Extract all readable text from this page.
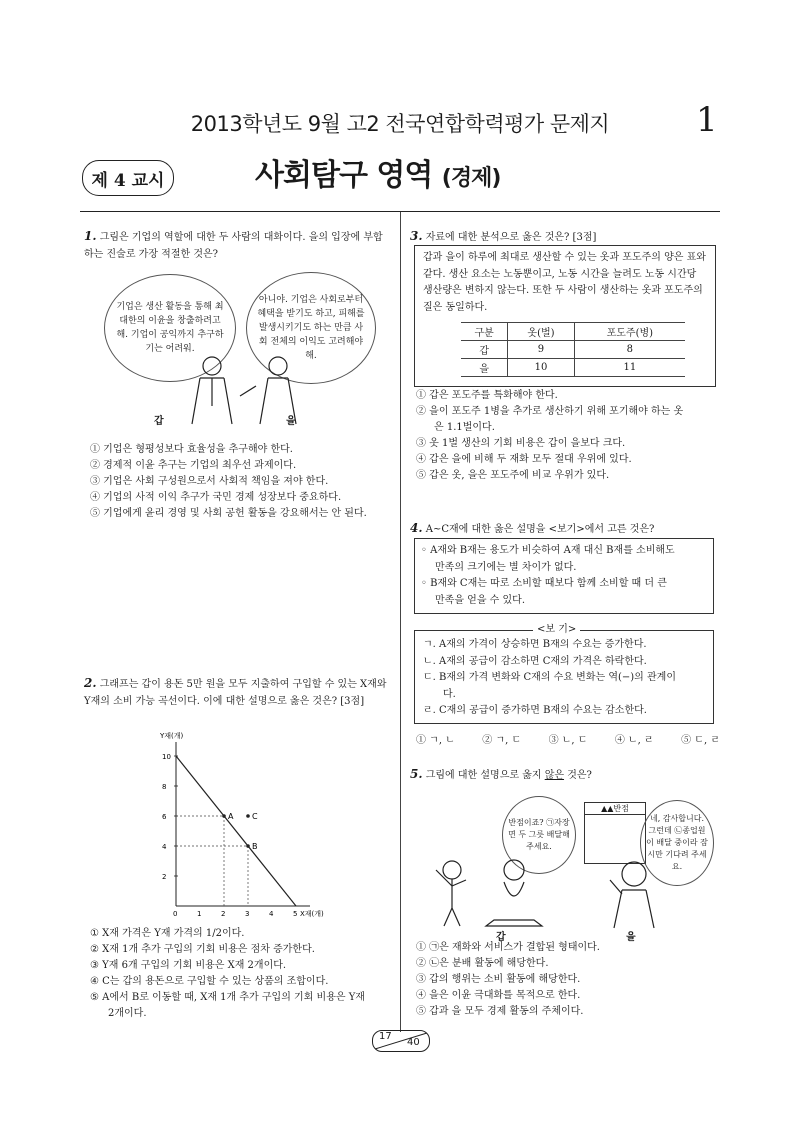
2013학년도 9월 고2 전국연합학력평가 문제지	1
제 4 교시	사회탐구 영역 (경제)
1. 그림은 기업의 역할에 대한 두 사람의 대화이다. 을의 입장에 부합하는 진술로 가장 적절한 것은?
기업은 생산 활동을 통해 최대한의 이윤을 창출하려고 해. 기업이 공익까지 추구하기는 어려워.
아니야. 기업은 사회로부터 혜택을 받기도 하고, 피해를 발생시키기도 하는 만큼 사회 전체의 이익도 고려해야 해.
갑	을
① 기업은 형평성보다 효율성을 추구해야 한다.
② 경제적 이윤 추구는 기업의 최우선 과제이다.
③ 기업은 사회 구성원으로서 사회적 책임을 져야 한다.
④ 기업의 사적 이익 추구가 국민 경제 성장보다 중요하다.
⑤ 기업에게 윤리 경영 및 사회 공헌 활동을 강요해서는 안 된다.
2. 그래프는 갑이 용돈 5만 원을 모두 지출하여 구입할 수 있는 X재와 Y재의 소비 가능 곡선이다. 이에 대한 설명으로 옳은 것은? [3점]
Y재(개)
X재(개)
0	1	2	3	4	5
2
4
6
8
10
A
B
C
① X재 가격은 Y재 가격의 1/2이다.
② X재 1개 추가 구입의 기회 비용은 점차 증가한다.
③ Y재 6개 구입의 기회 비용은 X재 2개이다.
④ C는 갑의 용돈으로 구입할 수 있는 상품의 조합이다.
⑤ A에서 B로 이동할 때, X재 1개 추가 구입의 기회 비용은 Y재
2개이다.
3. 자료에 대한 분석으로 옳은 것은? [3점]
갑과 을이 하루에 최대로 생산할 수 있는 옷과 포도주의 양은 표와 같다. 생산 요소는 노동뿐이고, 노동 시간을 늘려도 노동 시간당 생산량은 변하지 않는다. 또한 두 사람이 생산하는 옷과 포도주의 질은 동일하다.
구분	옷(벌)	포도주(병)
갑	9	8
을	10	11
① 갑은 포도주를 특화해야 한다.
② 을이 포도주 1병을 추가로 생산하기 위해 포기해야 하는 옷
은 1.1벌이다.
③ 옷 1벌 생산의 기회 비용은 갑이 을보다 크다.
④ 갑은 을에 비해 두 재화 모두 절대 우위에 있다.
⑤ 갑은 옷, 을은 포도주에 비교 우위가 있다.
4. A~C재에 대한 옳은 설명을 <보기>에서 고른 것은?
◦ A재와 B재는 용도가 비슷하여 A재 대신 B재를 소비해도
만족의 크기에는 별 차이가 없다.
◦ B재와 C재는 따로 소비할 때보다 함께 소비할 때 더 큰
만족을 얻을 수 있다.
<보 기>
ㄱ. A재의 가격이 상승하면 B재의 수요는 증가한다.
ㄴ. A재의 공급이 감소하면 C재의 가격은 하락한다.
ㄷ. B재의 가격 변화와 C재의 수요 변화는 역(−)의 관계이
다.
ㄹ. C재의 공급이 증가하면 B재의 수요는 감소한다.
① ㄱ, ㄴ	② ㄱ, ㄷ	③ ㄴ, ㄷ	④ ㄴ, ㄹ	⑤ ㄷ, ㄹ
5. 그림에 대한 설명으로 옳지 않은 것은?
반점이죠? ㉠자장면 두 그릇 배달해 주세요.
▲▲반점
네, 감사합니다. 그런데 ㉡종업원이 배달 중이라 잠시만 기다려 주세요.
갑	을
① ㉠은 재화와 서비스가 결합된 형태이다.
② ㉡은 분배 활동에 해당한다.
③ 갑의 행위는 소비 활동에 해당한다.
④ 을은 이윤 극대화를 목적으로 한다.
⑤ 갑과 을 모두 경제 활동의 주체이다.
17
40
